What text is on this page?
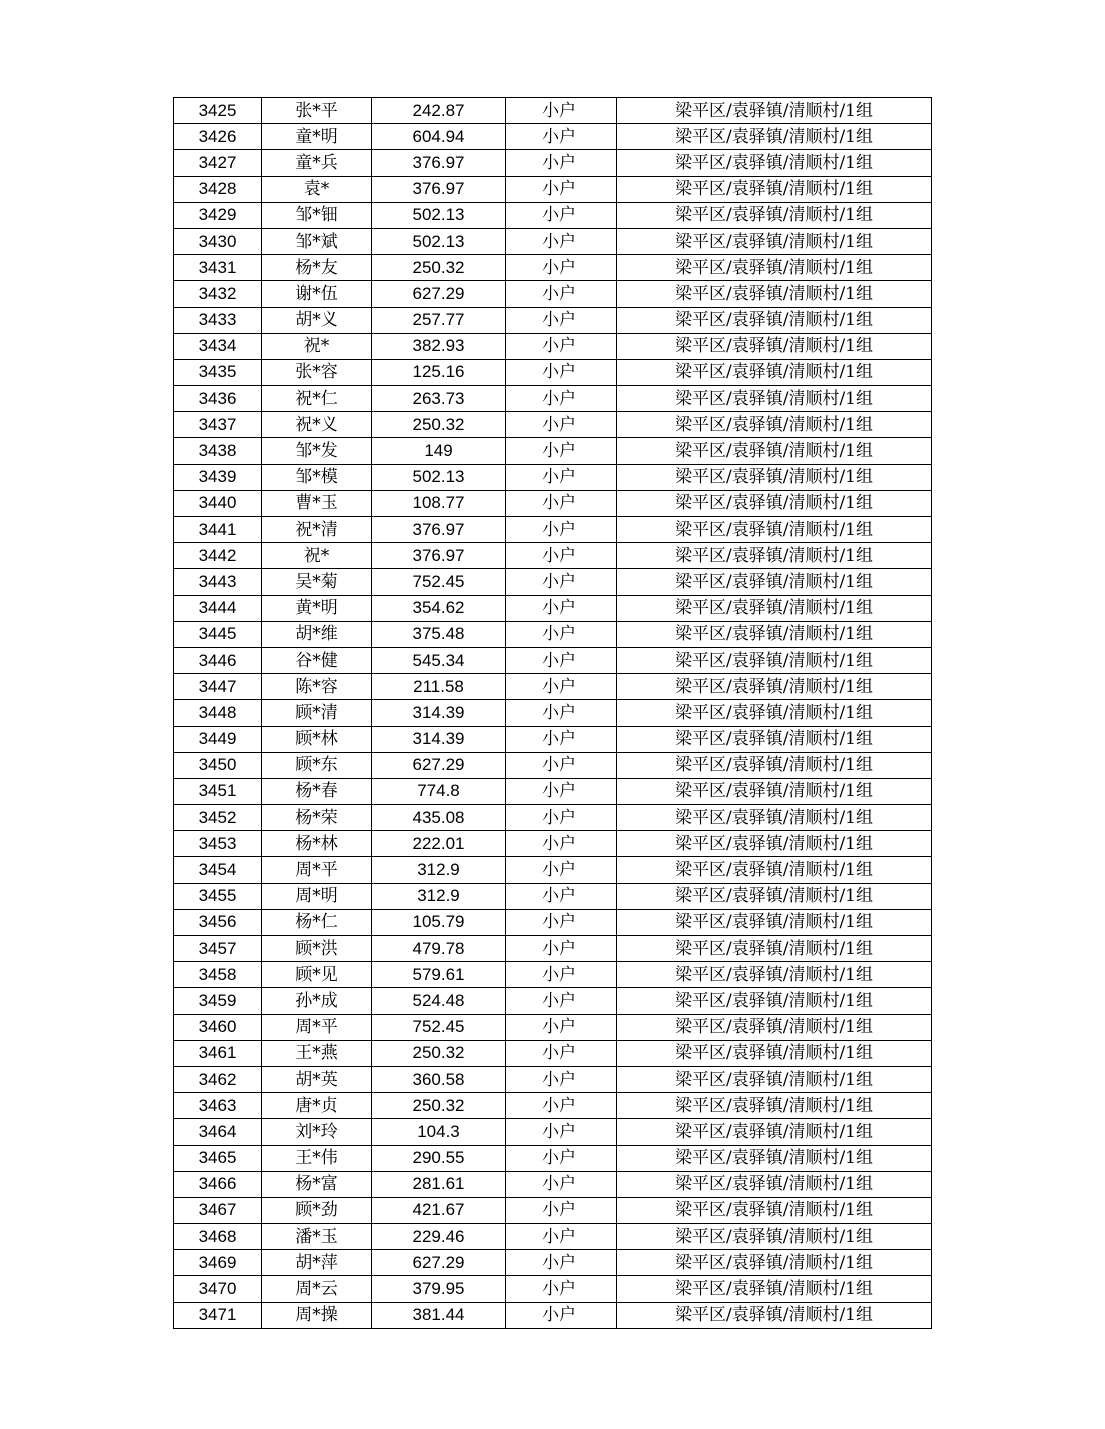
3425	张*平	242.87	小户	梁平区/袁驿镇/清顺村/1组
3426	童*明	604.94	小户	梁平区/袁驿镇/清顺村/1组
3427	童*兵	376.97	小户	梁平区/袁驿镇/清顺村/1组
3428	袁*	376.97	小户	梁平区/袁驿镇/清顺村/1组
3429	邹*钿	502.13	小户	梁平区/袁驿镇/清顺村/1组
3430	邹*斌	502.13	小户	梁平区/袁驿镇/清顺村/1组
3431	杨*友	250.32	小户	梁平区/袁驿镇/清顺村/1组
3432	谢*伍	627.29	小户	梁平区/袁驿镇/清顺村/1组
3433	胡*义	257.77	小户	梁平区/袁驿镇/清顺村/1组
3434	祝*	382.93	小户	梁平区/袁驿镇/清顺村/1组
3435	张*容	125.16	小户	梁平区/袁驿镇/清顺村/1组
3436	祝*仁	263.73	小户	梁平区/袁驿镇/清顺村/1组
3437	祝*义	250.32	小户	梁平区/袁驿镇/清顺村/1组
3438	邹*发	149	小户	梁平区/袁驿镇/清顺村/1组
3439	邹*模	502.13	小户	梁平区/袁驿镇/清顺村/1组
3440	曹*玉	108.77	小户	梁平区/袁驿镇/清顺村/1组
3441	祝*清	376.97	小户	梁平区/袁驿镇/清顺村/1组
3442	祝*	376.97	小户	梁平区/袁驿镇/清顺村/1组
3443	吴*菊	752.45	小户	梁平区/袁驿镇/清顺村/1组
3444	黄*明	354.62	小户	梁平区/袁驿镇/清顺村/1组
3445	胡*维	375.48	小户	梁平区/袁驿镇/清顺村/1组
3446	谷*健	545.34	小户	梁平区/袁驿镇/清顺村/1组
3447	陈*容	211.58	小户	梁平区/袁驿镇/清顺村/1组
3448	顾*清	314.39	小户	梁平区/袁驿镇/清顺村/1组
3449	顾*林	314.39	小户	梁平区/袁驿镇/清顺村/1组
3450	顾*东	627.29	小户	梁平区/袁驿镇/清顺村/1组
3451	杨*春	774.8	小户	梁平区/袁驿镇/清顺村/1组
3452	杨*荣	435.08	小户	梁平区/袁驿镇/清顺村/1组
3453	杨*林	222.01	小户	梁平区/袁驿镇/清顺村/1组
3454	周*平	312.9	小户	梁平区/袁驿镇/清顺村/1组
3455	周*明	312.9	小户	梁平区/袁驿镇/清顺村/1组
3456	杨*仁	105.79	小户	梁平区/袁驿镇/清顺村/1组
3457	顾*洪	479.78	小户	梁平区/袁驿镇/清顺村/1组
3458	顾*见	579.61	小户	梁平区/袁驿镇/清顺村/1组
3459	孙*成	524.48	小户	梁平区/袁驿镇/清顺村/1组
3460	周*平	752.45	小户	梁平区/袁驿镇/清顺村/1组
3461	王*燕	250.32	小户	梁平区/袁驿镇/清顺村/1组
3462	胡*英	360.58	小户	梁平区/袁驿镇/清顺村/1组
3463	唐*贞	250.32	小户	梁平区/袁驿镇/清顺村/1组
3464	刘*玲	104.3	小户	梁平区/袁驿镇/清顺村/1组
3465	王*伟	290.55	小户	梁平区/袁驿镇/清顺村/1组
3466	杨*富	281.61	小户	梁平区/袁驿镇/清顺村/1组
3467	顾*劲	421.67	小户	梁平区/袁驿镇/清顺村/1组
3468	潘*玉	229.46	小户	梁平区/袁驿镇/清顺村/1组
3469	胡*萍	627.29	小户	梁平区/袁驿镇/清顺村/1组
3470	周*云	379.95	小户	梁平区/袁驿镇/清顺村/1组
3471	周*操	381.44	小户	梁平区/袁驿镇/清顺村/1组
